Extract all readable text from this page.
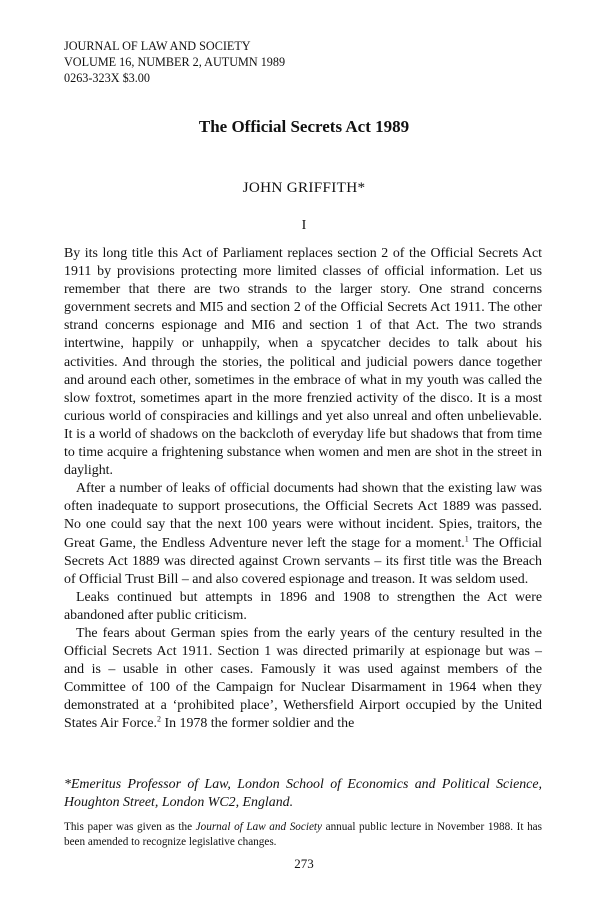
JOURNAL OF LAW AND SOCIETY
VOLUME 16, NUMBER 2, AUTUMN 1989
0263-323X $3.00
The Official Secrets Act 1989
JOHN GRIFFITH*
I

By its long title this Act of Parliament replaces section 2 of the Official Secrets Act 1911 by provisions protecting more limited classes of official information. Let us remember that there are two strands to the larger story. One strand concerns government secrets and MI5 and section 2 of the Official Secrets Act 1911. The other strand concerns espionage and MI6 and section 1 of that Act. The two strands intertwine, happily or unhappily, when a spycatcher decides to talk about his activities. And through the stories, the political and judicial powers dance together and around each other, sometimes in the embrace of what in my youth was called the slow foxtrot, sometimes apart in the more frenzied activity of the disco. It is a most curious world of conspiracies and killings and yet also unreal and often unbelievable. It is a world of shadows on the backcloth of everyday life but shadows that from time to time acquire a frightening substance when women and men are shot in the street in daylight.

After a number of leaks of official documents had shown that the existing law was often inadequate to support prosecutions, the Official Secrets Act 1889 was passed. No one could say that the next 100 years were without incident. Spies, traitors, the Great Game, the Endless Adventure never left the stage for a moment.$^1$ The Official Secrets Act 1889 was directed against Crown servants – its first title was the Breach of Official Trust Bill – and also covered espionage and treason. It was seldom used.

Leaks continued but attempts in 1896 and 1908 to strengthen the Act were abandoned after public criticism.

The fears about German spies from the early years of the century resulted in the Official Secrets Act 1911. Section 1 was directed primarily at espionage but was – and is – usable in other cases. Famously it was used against members of the Committee of 100 of the Campaign for Nuclear Disarmament in 1964 when they demonstrated at a ‘prohibited place’, Wethersfield Airport occupied by the United States Air Force.$^2$ In 1978 the former soldier and the

*Emeritus Professor of Law, London School of Economics and Political Science, Houghton Street, London WC2, England.
This paper was given as the Journal of Law and Society annual public lecture in November 1988. It has been amended to recognize legislative changes.
273
